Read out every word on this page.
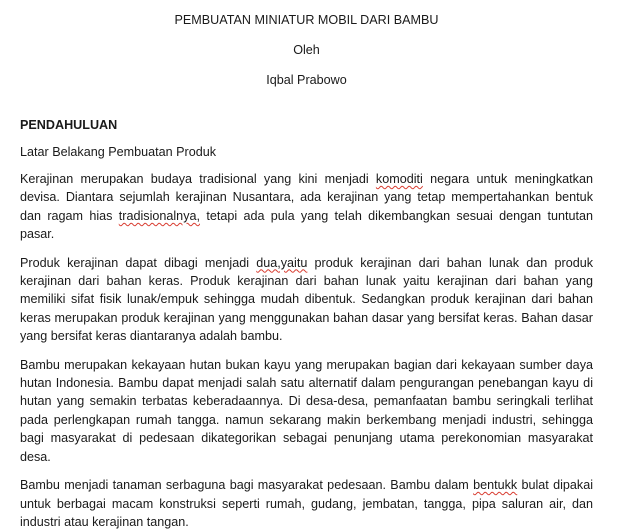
PEMBUATAN MINIATUR MOBIL DARI BAMBU

Oleh

Iqbal Prabowo

PENDAHULUAN

Latar Belakang Pembuatan Produk

Kerajinan merupakan budaya tradisional yang kini menjadi komoditi negara untuk meningkatkan devisa. Diantara sejumlah kerajinan Nusantara, ada kerajinan yang tetap mempertahankan bentuk dan ragam hias tradisionalnya, tetapi ada pula yang telah dikembangkan sesuai dengan tuntutan pasar.

Produk kerajinan dapat dibagi menjadi dua,yaitu produk kerajinan dari bahan lunak dan produk kerajinan dari bahan keras. Produk kerajinan dari bahan lunak yaitu kerajinan dari bahan yang memiliki sifat fisik lunak/empuk sehingga mudah dibentuk. Sedangkan produk kerajinan dari bahan keras merupakan produk kerajinan yang menggunakan bahan dasar yang bersifat keras. Bahan dasar yang bersifat keras diantaranya adalah bambu.

Bambu merupakan kekayaan hutan bukan kayu yang merupakan bagian dari kekayaan sumber daya hutan Indonesia. Bambu dapat menjadi salah satu alternatif dalam pengurangan penebangan kayu di hutan yang semakin terbatas keberadaannya. Di desa-desa, pemanfaatan bambu seringkali terlihat pada perlengkapan rumah tangga. namun sekarang makin berkembang menjadi industri, sehingga bagi masyarakat di pedesaan dikategorikan sebagai penunjang utama perekonomian masyarakat desa.

Bambu menjadi tanaman serbaguna bagi masyarakat pedesaan. Bambu dalam bentukk bulat dipakai untuk berbagai macam konstruksi seperti rumah, gudang, jembatan, tangga, pipa saluran air, dan industri atau kerajinan tangan.
